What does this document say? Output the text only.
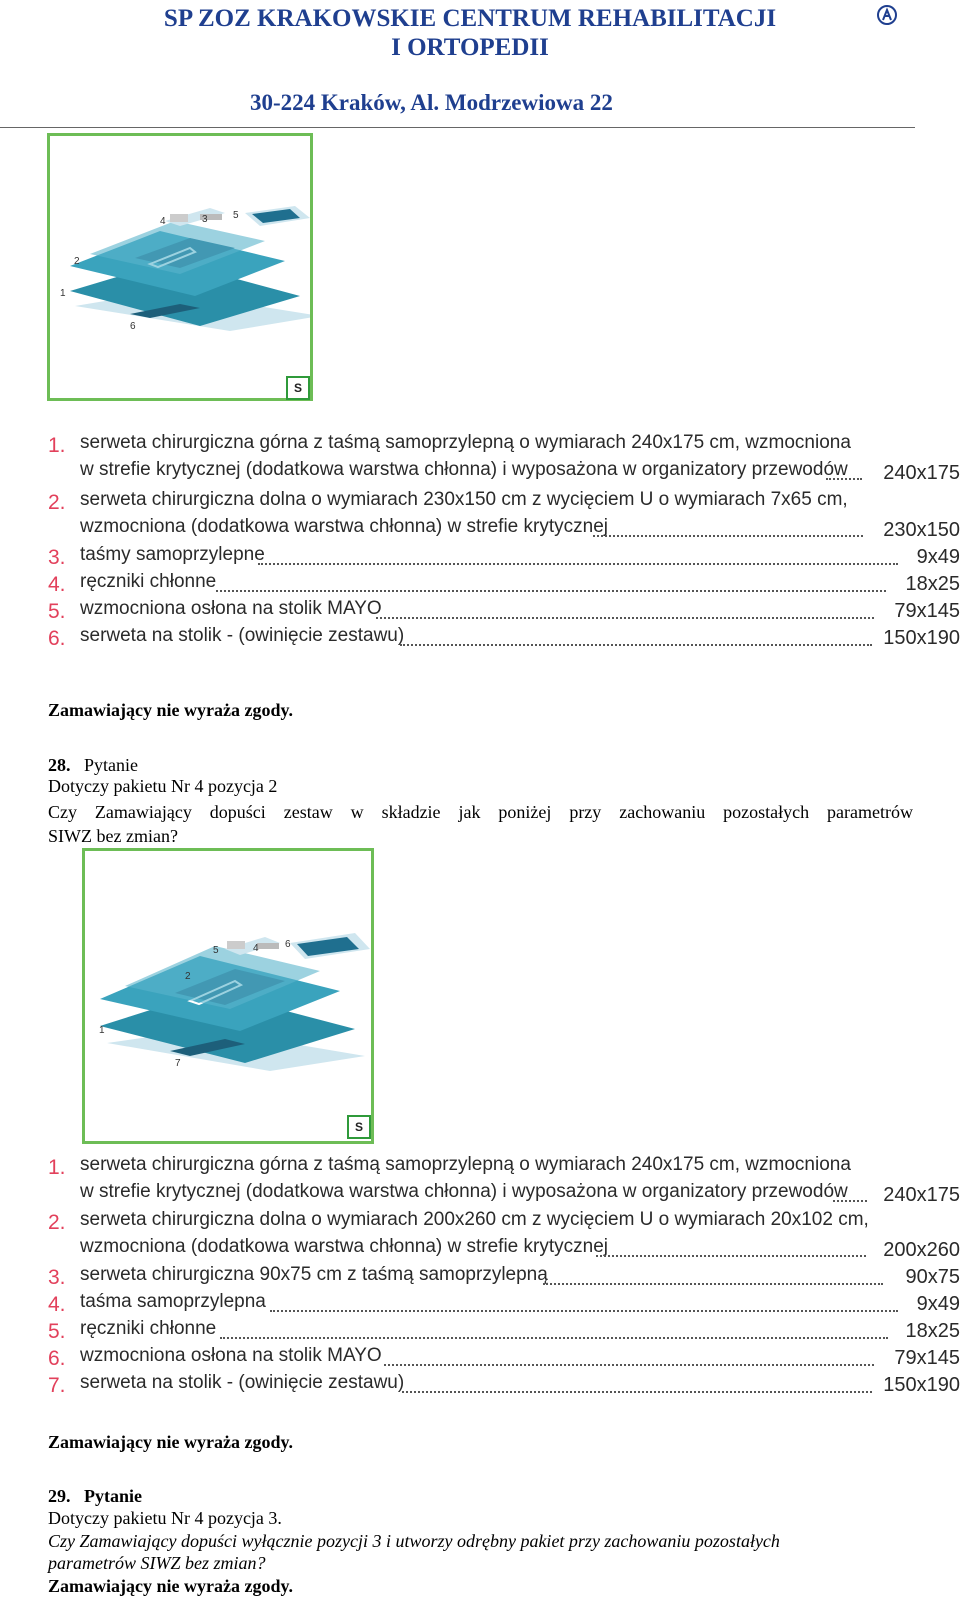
SP ZOZ KRAKOWSKIE CENTRUM REHABILITACJI
I ORTOPEDII
30-224 Kraków, Al. Modrzewiowa 22
4	3	5
2
1
6
S
1. serweta chirurgiczna górna z taśmą samoprzylepną o wymiarach 240x175 cm, wzmocniona
w strefie krytycznej (dodatkowa warstwa chłonna) i wyposażona w organizatory przewodów 240x175
2. serweta chirurgiczna dolna o wymiarach 230x150 cm z wycięciem U o wymiarach 7x65 cm,
wzmocniona (dodatkowa warstwa chłonna) w strefie krytycznej	230x150
3. taśmy samoprzylepne	9x49
4. ręczniki chłonne	18x25
5. wzmocniona osłona na stolik MAYO	79x145
6. serweta na stolik - (owinięcie zestawu)	150x190
Zamawiający nie wyraża zgody.
28. Pytanie
Dotyczy pakietu Nr 4 pozycja 2
Czy Zamawiający dopuści zestaw w składzie jak poniżej przy zachowaniu pozostałych parametrów
SIWZ bez zmian?
5	4	6
2
1
7
S
1. serweta chirurgiczna górna z taśmą samoprzylepną o wymiarach 240x175 cm, wzmocniona
w strefie krytycznej (dodatkowa warstwa chłonna) i wyposażona w organizatory przewodów 240x175
2. serweta chirurgiczna dolna o wymiarach 200x260 cm z wycięciem U o wymiarach 20x102 cm,
wzmocniona (dodatkowa warstwa chłonna) w strefie krytycznej	200x260
3. serweta chirurgiczna 90x75 cm z taśmą samoprzylepną	90x75
4. taśma samoprzylepna	9x49
5. ręczniki chłonne	18x25
6. wzmocniona osłona na stolik MAYO	79x145
7. serweta na stolik - (owinięcie zestawu)	150x190
Zamawiający nie wyraża zgody.
29. Pytanie
Dotyczy pakietu Nr 4 pozycja 3.
Czy Zamawiający dopuści wyłącznie pozycji 3 i utworzy odrębny pakiet przy zachowaniu pozostałych
parametrów SIWZ bez zmian?
Zamawiający nie wyraża zgody.
